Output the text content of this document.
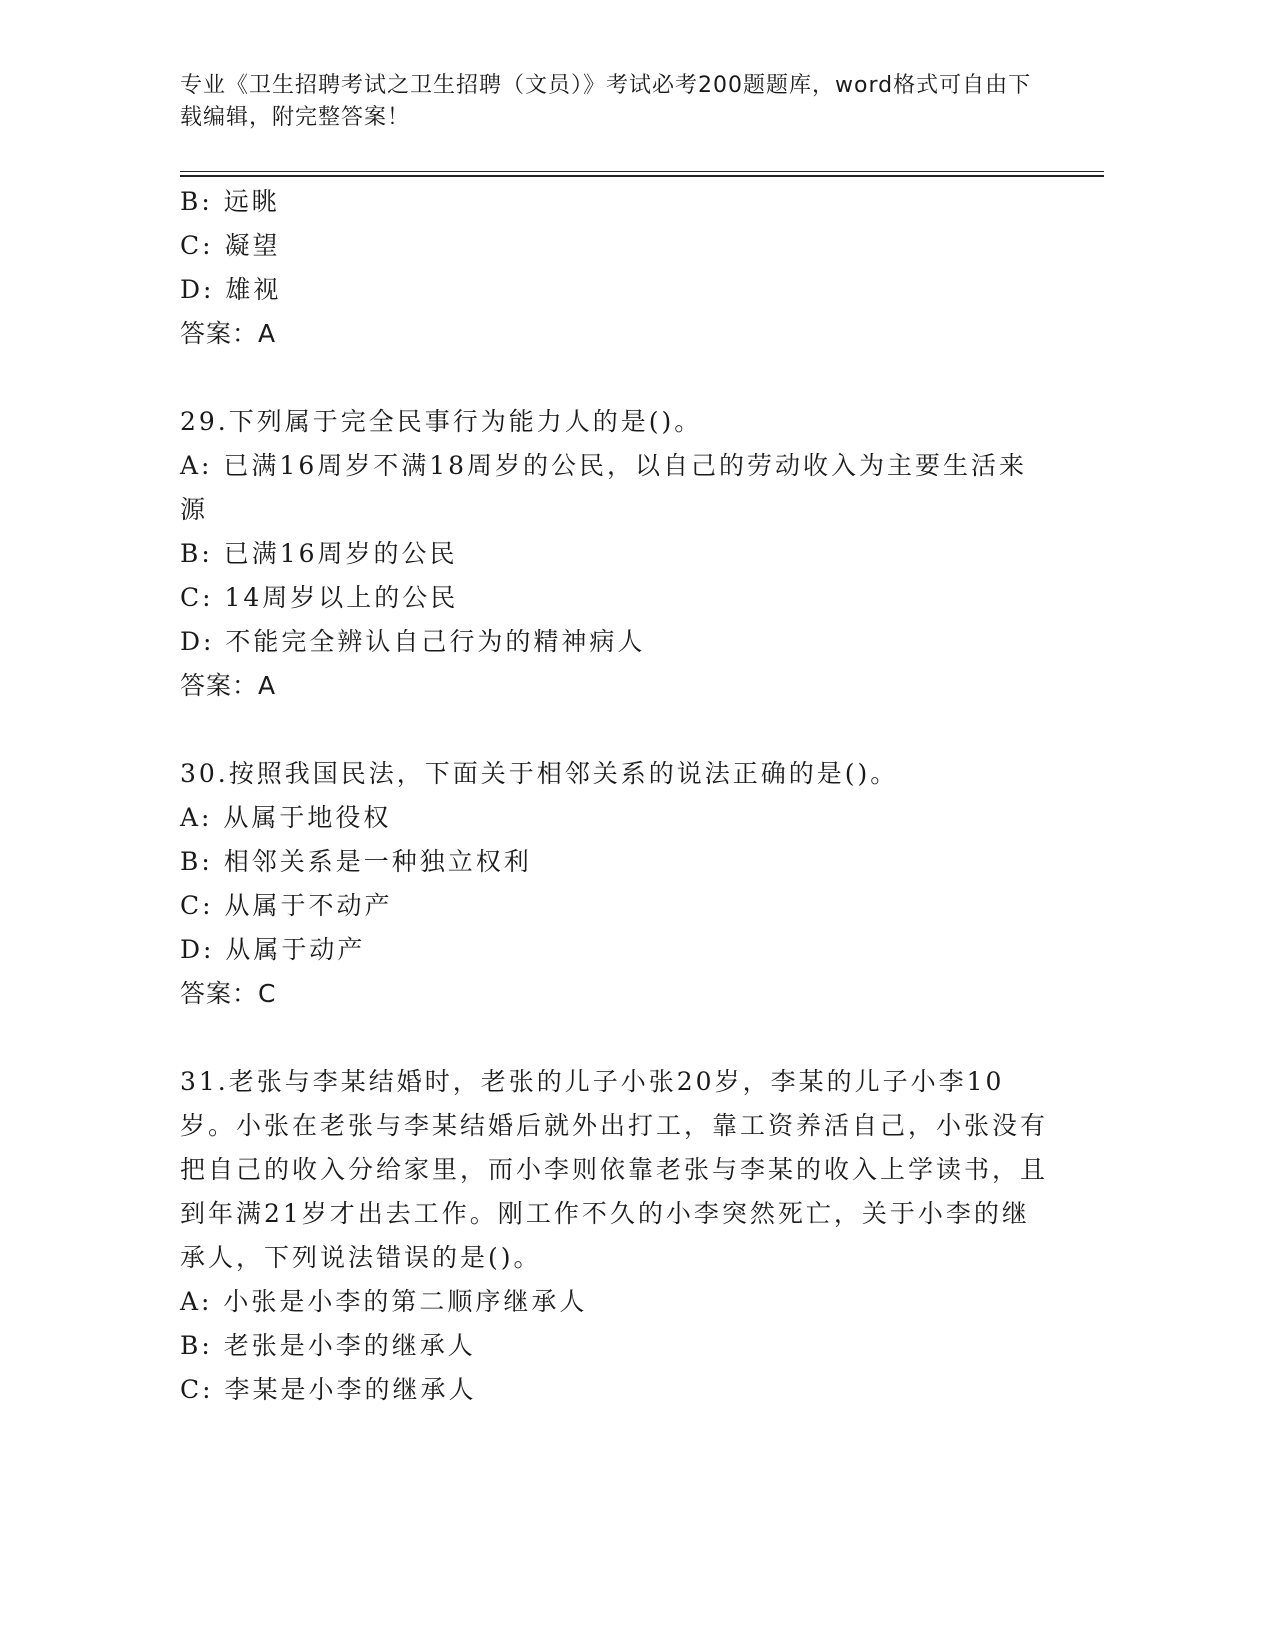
专业《卫生招聘考试之卫生招聘（文员）》考试必考200题题库，word格式可自由下载编辑，附完整答案！
B: 远眺
C: 凝望
D: 雄视
答案：A
29.下列属于完全民事行为能力人的是()。
A: 已满16周岁不满18周岁的公民，以自己的劳动收入为主要生活来源
B: 已满16周岁的公民
C: 14周岁以上的公民
D: 不能完全辨认自己行为的精神病人
答案：A
30.按照我国民法，下面关于相邻关系的说法正确的是()。
A: 从属于地役权
B: 相邻关系是一种独立权利
C: 从属于不动产
D: 从属于动产
答案：C
31.老张与李某结婚时，老张的儿子小张20岁，李某的儿子小李10岁。小张在老张与李某结婚后就外出打工，靠工资养活自己，小张没有把自己的收入分给家里，而小李则依靠老张与李某的收入上学读书，且到年满21岁才出去工作。刚工作不久的小李突然死亡，关于小李的继承人，下列说法错误的是()。
A: 小张是小李的第二顺序继承人
B: 老张是小李的继承人
C: 李某是小李的继承人
